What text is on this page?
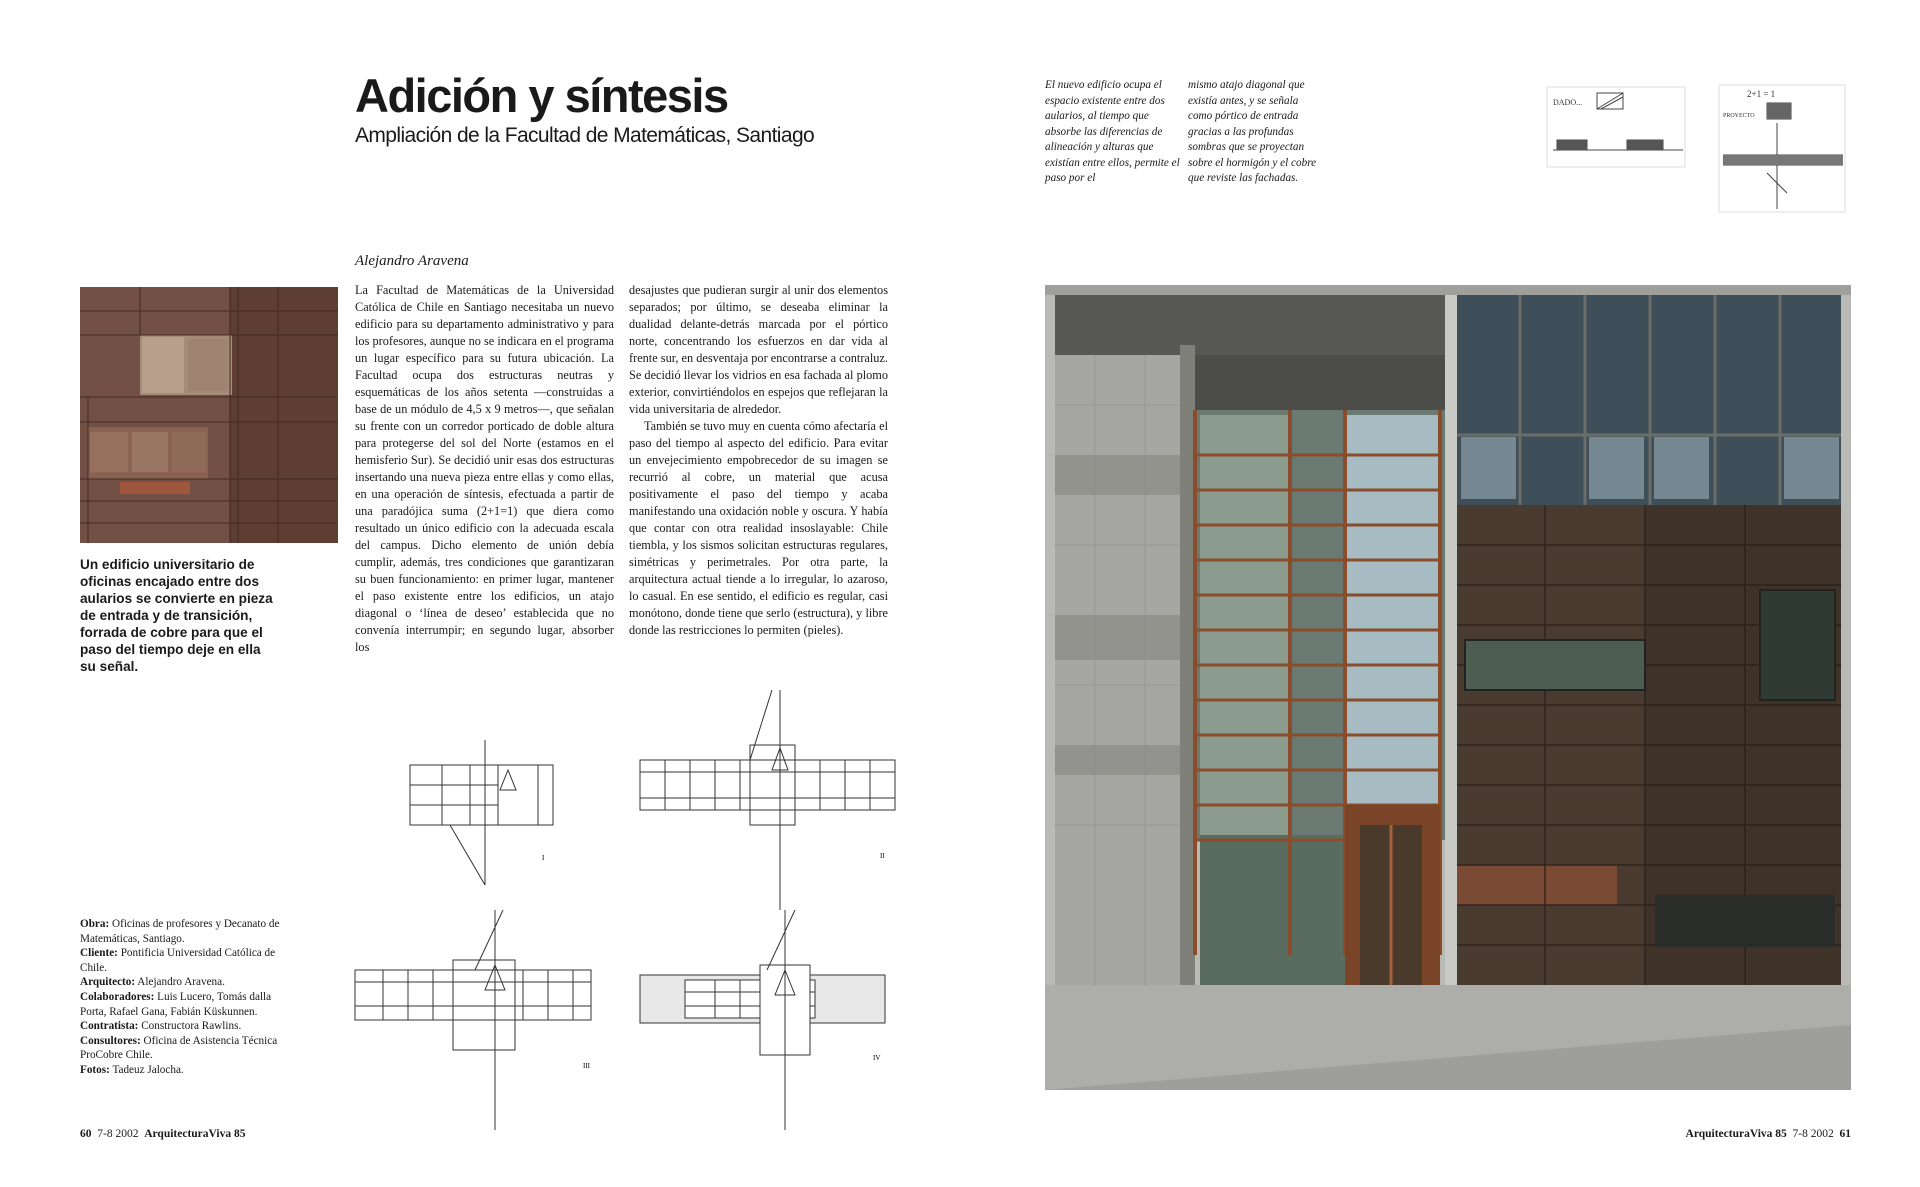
Adición y síntesis
Ampliación de la Facultad de Matemáticas, Santiago
Alejandro Aravena
Un edificio universitario de oficinas encajado entre dos aularios se convierte en pieza de entrada y de transición, forrada de cobre para que el paso del tiempo deje en ella su señal.

La Facultad de Matemáticas de la Universidad Católica de Chile en Santiago necesitaba un nuevo edificio para su departamento administrativo y para los profesores, aunque no se indicara en el programa un lugar específico para su futura ubicación. La Facultad ocupa dos estructuras neutras y esquemáticas de los años setenta —construidas a base de un módulo de 4,5 x 9 metros—, que señalan su frente con un corredor porticado de doble altura para protegerse del sol del Norte (estamos en el hemisferio Sur). Se decidió unir esas dos estructuras insertando una nueva pieza entre ellas y como ellas, en una operación de síntesis, efectuada a partir de una paradójica suma (2+1=1) que diera como resultado un único edificio con la adecuada escala del campus. Dicho elemento de unión debía cumplir, además, tres condiciones que garantizaran su buen funcionamiento: en primer lugar, mantener el paso existente entre los edificios, un atajo diagonal o ‘línea de deseo’ establecida que no convenía interrumpir; en segundo lugar, absorber los

desajustes que pudieran surgir al unir dos elementos separados; por último, se deseaba eliminar la dualidad delante-detrás marcada por el pórtico norte, concentrando los esfuerzos en dar vida al frente sur, en desventaja por encontrarse a contraluz. Se decidió llevar los vidrios en esa fachada al plomo exterior, convirtiéndolos en espejos que reflejaran la vida universitaria de alrededor.

También se tuvo muy en cuenta cómo afectaría el paso del tiempo al aspecto del edificio. Para evitar un envejecimiento empobrecedor de su imagen se recurrió al cobre, un material que acusa positivamente el paso del tiempo y acaba manifestando una oxidación noble y oscura. Y había que contar con otra realidad insoslayable: Chile tiembla, y los sismos solicitan estructuras regulares, simétricas y perimetrales. Por otra parte, la arquitectura actual tiende a lo irregular, lo azaroso, lo casual. En ese sentido, el edificio es regular, casi monótono, donde tiene que serlo (estructura), y libre donde las restricciones lo permiten (pieles).

Obra: Oficinas de profesores y Decanato de Matemáticas, Santiago.
Cliente: Pontificia Universidad Católica de Chile.
Arquitecto: Alejandro Aravena.
Colaboradores: Luis Lucero, Tomás dalla Porta, Rafael Gana, Fabián Küskunnen.
Contratista: Constructora Rawlins.
Consultores: Oficina de Asistencia Técnica ProCobre Chile.
Fotos: Tadeuz Jalocha.
I	II
III
IV
El nuevo edificio ocupa el espacio existente entre dos aularios, al tiempo que absorbe las diferencias de alineación y alturas que existían entre ellos, permite el paso por el
mismo atajo diagonal que existía antes, y se señala como pórtico de entrada gracias a las profundas sombras que se proyectan sobre el hormigón y el cobre que reviste las fachadas.
DADO...
2+1 = 1
PROYECTO
60 7-8 2002 ArquitecturaViva 85	ArquitecturaViva 85 7-8 2002 61
